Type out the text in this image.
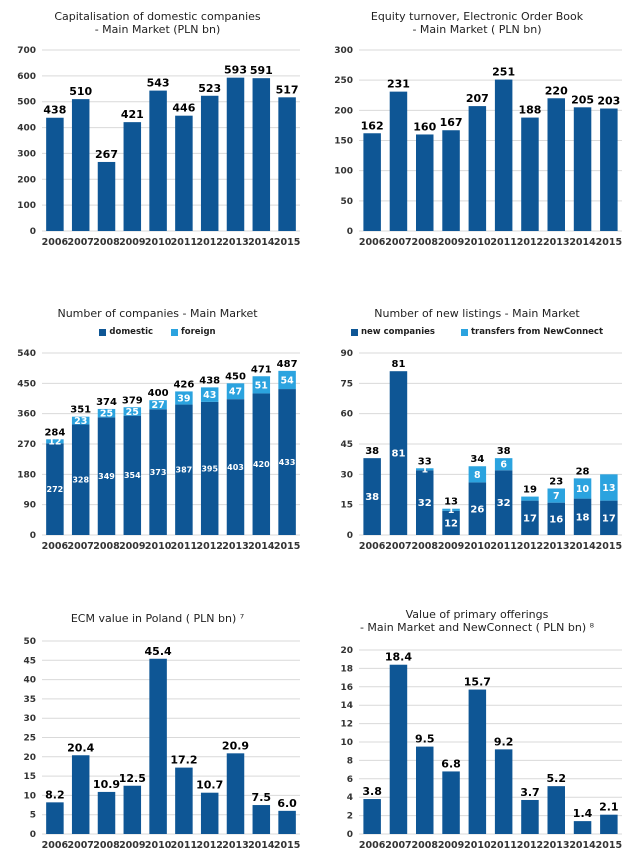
Capitalisation of domestic companies
- Main Market (PLN bn)
0
100
200
300
400
500
600
700
2006
438
2007
510
2008
267
2009
421
2010
543
2011
446
2012
523
2013
593
2014
591
2015
517
Equity turnover, Electronic Order Book
- Main Market ( PLN bn)
0
50
100
150
200
250
300
2006
162
2007
231
2008
160
2009
167
2010
207
2011
251
2012
188
2013
220
2014
205
2015
203
Number of companies - Main Market
domestic	foreign
0
90
180
270
360
450
540
2006
272
12
284
2007
328
23
351
2008
349
25
374
2009
354
25
379
2010
373
27
400
2011
387
39
426
2012
395
43
438
2013
403
47
450
2014
420
51
471
2015
433
54
487
Number of new listings - Main Market
new companies	transfers from NewConnect
0
15
30
45
60
75
90
2006
38
38
2007
81
81
2008
32
1
33
2009
12
1
13
2010
26
8
34
2011
32
6
38
2012
17
19
2013
16
7
23
2014
18
10
28
2015
17
13
ECM value in Poland ( PLN bn) ⁷
0
5
10
15
20
25
30
35
40
45
50
2006
8.2
2007
20.4
2008
10.9
2009
12.5
2010
45.4
2011
17.2
2012
10.7
2013
20.9
2014
7.5
2015
6.0
Value of primary offerings
- Main Market and NewConnect ( PLN bn) ⁸
0
2
4
6
8
10
12
14
16
18
20
2006
3.8
2007
18.4
2008
9.5
2009
6.8
2010
15.7
2011
9.2
2012
3.7
2013
5.2
2014
1.4
2015
2.1
